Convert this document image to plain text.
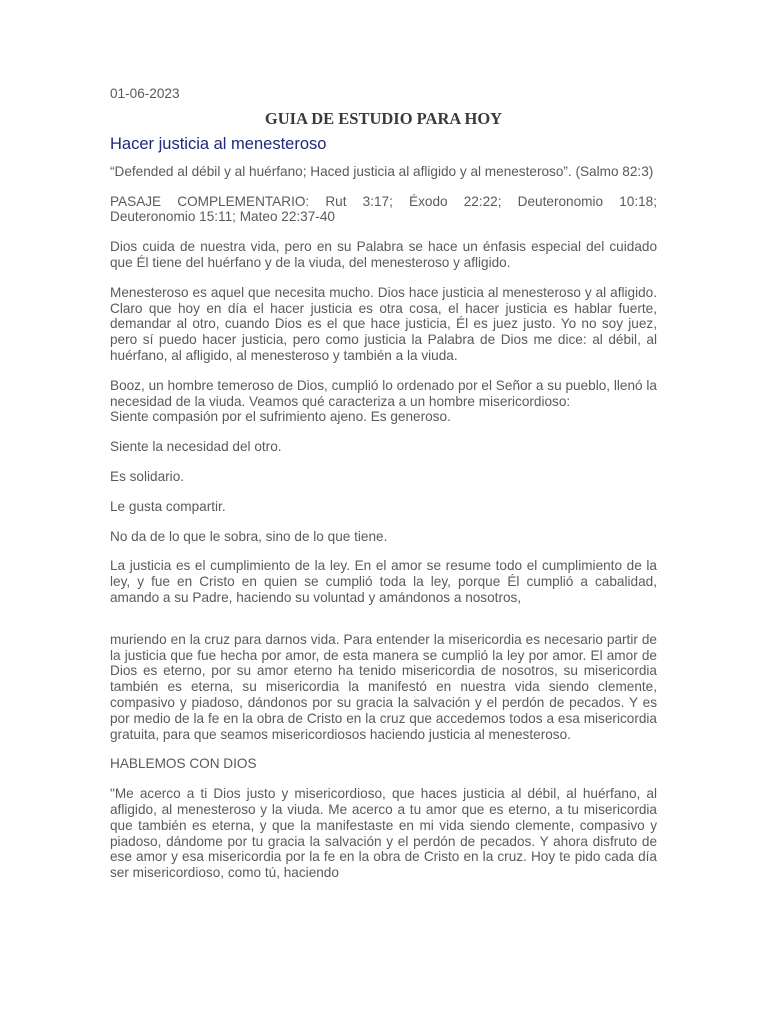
01-06-2023
GUIA DE ESTUDIO PARA HOY
Hacer justicia al menesteroso

“Defended al débil y al huérfano; Haced justicia al afligido y al menesteroso”. (Salmo 82:3)

PASAJE COMPLEMENTARIO: Rut 3:17; Éxodo 22:22; Deuteronomio 10:18; Deuteronomio 15:11; Mateo 22:37-40

Dios cuida de nuestra vida, pero en su Palabra se hace un énfasis especial del cuidado que Él tiene del huérfano y de la viuda, del menesteroso y afligido.

Menesteroso es aquel que necesita mucho. Dios hace justicia al menesteroso y al afligido. Claro que hoy en día el hacer justicia es otra cosa, el hacer justicia es hablar fuerte, demandar al otro, cuando Dios es el que hace justicia, Él es juez justo. Yo no soy juez, pero sí puedo hacer justicia, pero como justicia la Palabra de Dios me dice: al débil, al huérfano, al afligido, al menesteroso y también a la viuda.

Booz, un hombre temeroso de Dios, cumplió lo ordenado por el Señor a su pueblo, llenó la necesidad de la viuda. Veamos qué caracteriza a un hombre misericordioso:
Siente compasión por el sufrimiento ajeno. Es generoso.

Siente la necesidad del otro.

Es solidario.

Le gusta compartir.

No da de lo que le sobra, sino de lo que tiene.

La justicia es el cumplimiento de la ley. En el amor se resume todo el cumplimiento de la ley, y fue en Cristo en quien se cumplió toda la ley, porque Él cumplió a cabalidad, amando a su Padre, haciendo su voluntad y amándonos a nosotros,

muriendo en la cruz para darnos vida. Para entender la misericordia es necesario partir de la justicia que fue hecha por amor, de esta manera se cumplió la ley por amor. El amor de Dios es eterno, por su amor eterno ha tenido misericordia de nosotros, su misericordia también es eterna, su misericordia la manifestó en nuestra vida siendo clemente, compasivo y piadoso, dándonos por su gracia la salvación y el perdón de pecados. Y es por medio de la fe en la obra de Cristo en la cruz que accedemos todos a esa misericordia gratuita, para que seamos misericordiosos haciendo justicia al menesteroso.

HABLEMOS CON DIOS

"Me acerco a ti Dios justo y misericordioso, que haces justicia al débil, al huérfano, al afligido, al menesteroso y la viuda. Me acerco a tu amor que es eterno, a tu misericordia que también es eterna, y que la manifestaste en mi vida siendo clemente, compasivo y piadoso, dándome por tu gracia la salvación y el perdón de pecados. Y ahora disfruto de ese amor y esa misericordia por la fe en la obra de Cristo en la cruz. Hoy te pido cada día ser misericordioso, como tú, haciendo
